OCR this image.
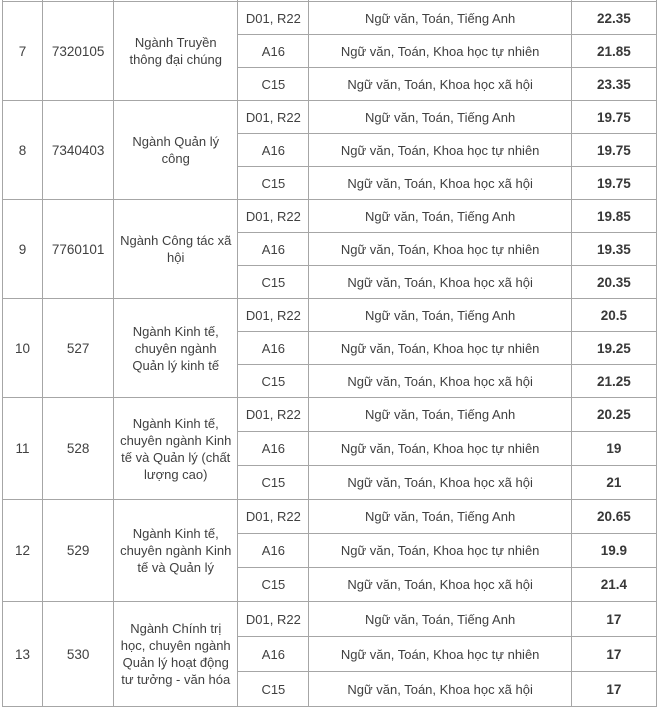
7	7320105	Ngành Truyền thông đại chúng	D01, R22	Ngữ văn, Toán, Tiếng Anh	22.35
			A16	Ngữ văn, Toán, Khoa học tự nhiên	21.85
			C15	Ngữ văn, Toán, Khoa học xã hội	23.35
8	7340403	Ngành Quản lý công	D01, R22	Ngữ văn, Toán, Tiếng Anh	19.75
			A16	Ngữ văn, Toán, Khoa học tự nhiên	19.75
			C15	Ngữ văn, Toán, Khoa học xã hội	19.75
9	7760101	Ngành Công tác xã hội	D01, R22	Ngữ văn, Toán, Tiếng Anh	19.85
			A16	Ngữ văn, Toán, Khoa học tự nhiên	19.35
			C15	Ngữ văn, Toán, Khoa học xã hội	20.35
10	527	Ngành Kinh tế, chuyên ngành Quản lý kinh tế	D01, R22	Ngữ văn, Toán, Tiếng Anh	20.5
			A16	Ngữ văn, Toán, Khoa học tự nhiên	19.25
			C15	Ngữ văn, Toán, Khoa học xã hội	21.25
11	528	Ngành Kinh tế, chuyên ngành Kinh tế và Quản lý (chất lượng cao)	D01, R22	Ngữ văn, Toán, Tiếng Anh	20.25
			A16	Ngữ văn, Toán, Khoa học tự nhiên	19
			C15	Ngữ văn, Toán, Khoa học xã hội	21
12	529	Ngành Kinh tế, chuyên ngành Kinh tế và Quản lý	D01, R22	Ngữ văn, Toán, Tiếng Anh	20.65
			A16	Ngữ văn, Toán, Khoa học tự nhiên	19.9
			C15	Ngữ văn, Toán, Khoa học xã hội	21.4
13	530	Ngành Chính trị học, chuyên ngành Quản lý hoạt động tư tưởng - văn hóa	D01, R22	Ngữ văn, Toán, Tiếng Anh	17
			A16	Ngữ văn, Toán, Khoa học tự nhiên	17
			C15	Ngữ văn, Toán, Khoa học xã hội	17
